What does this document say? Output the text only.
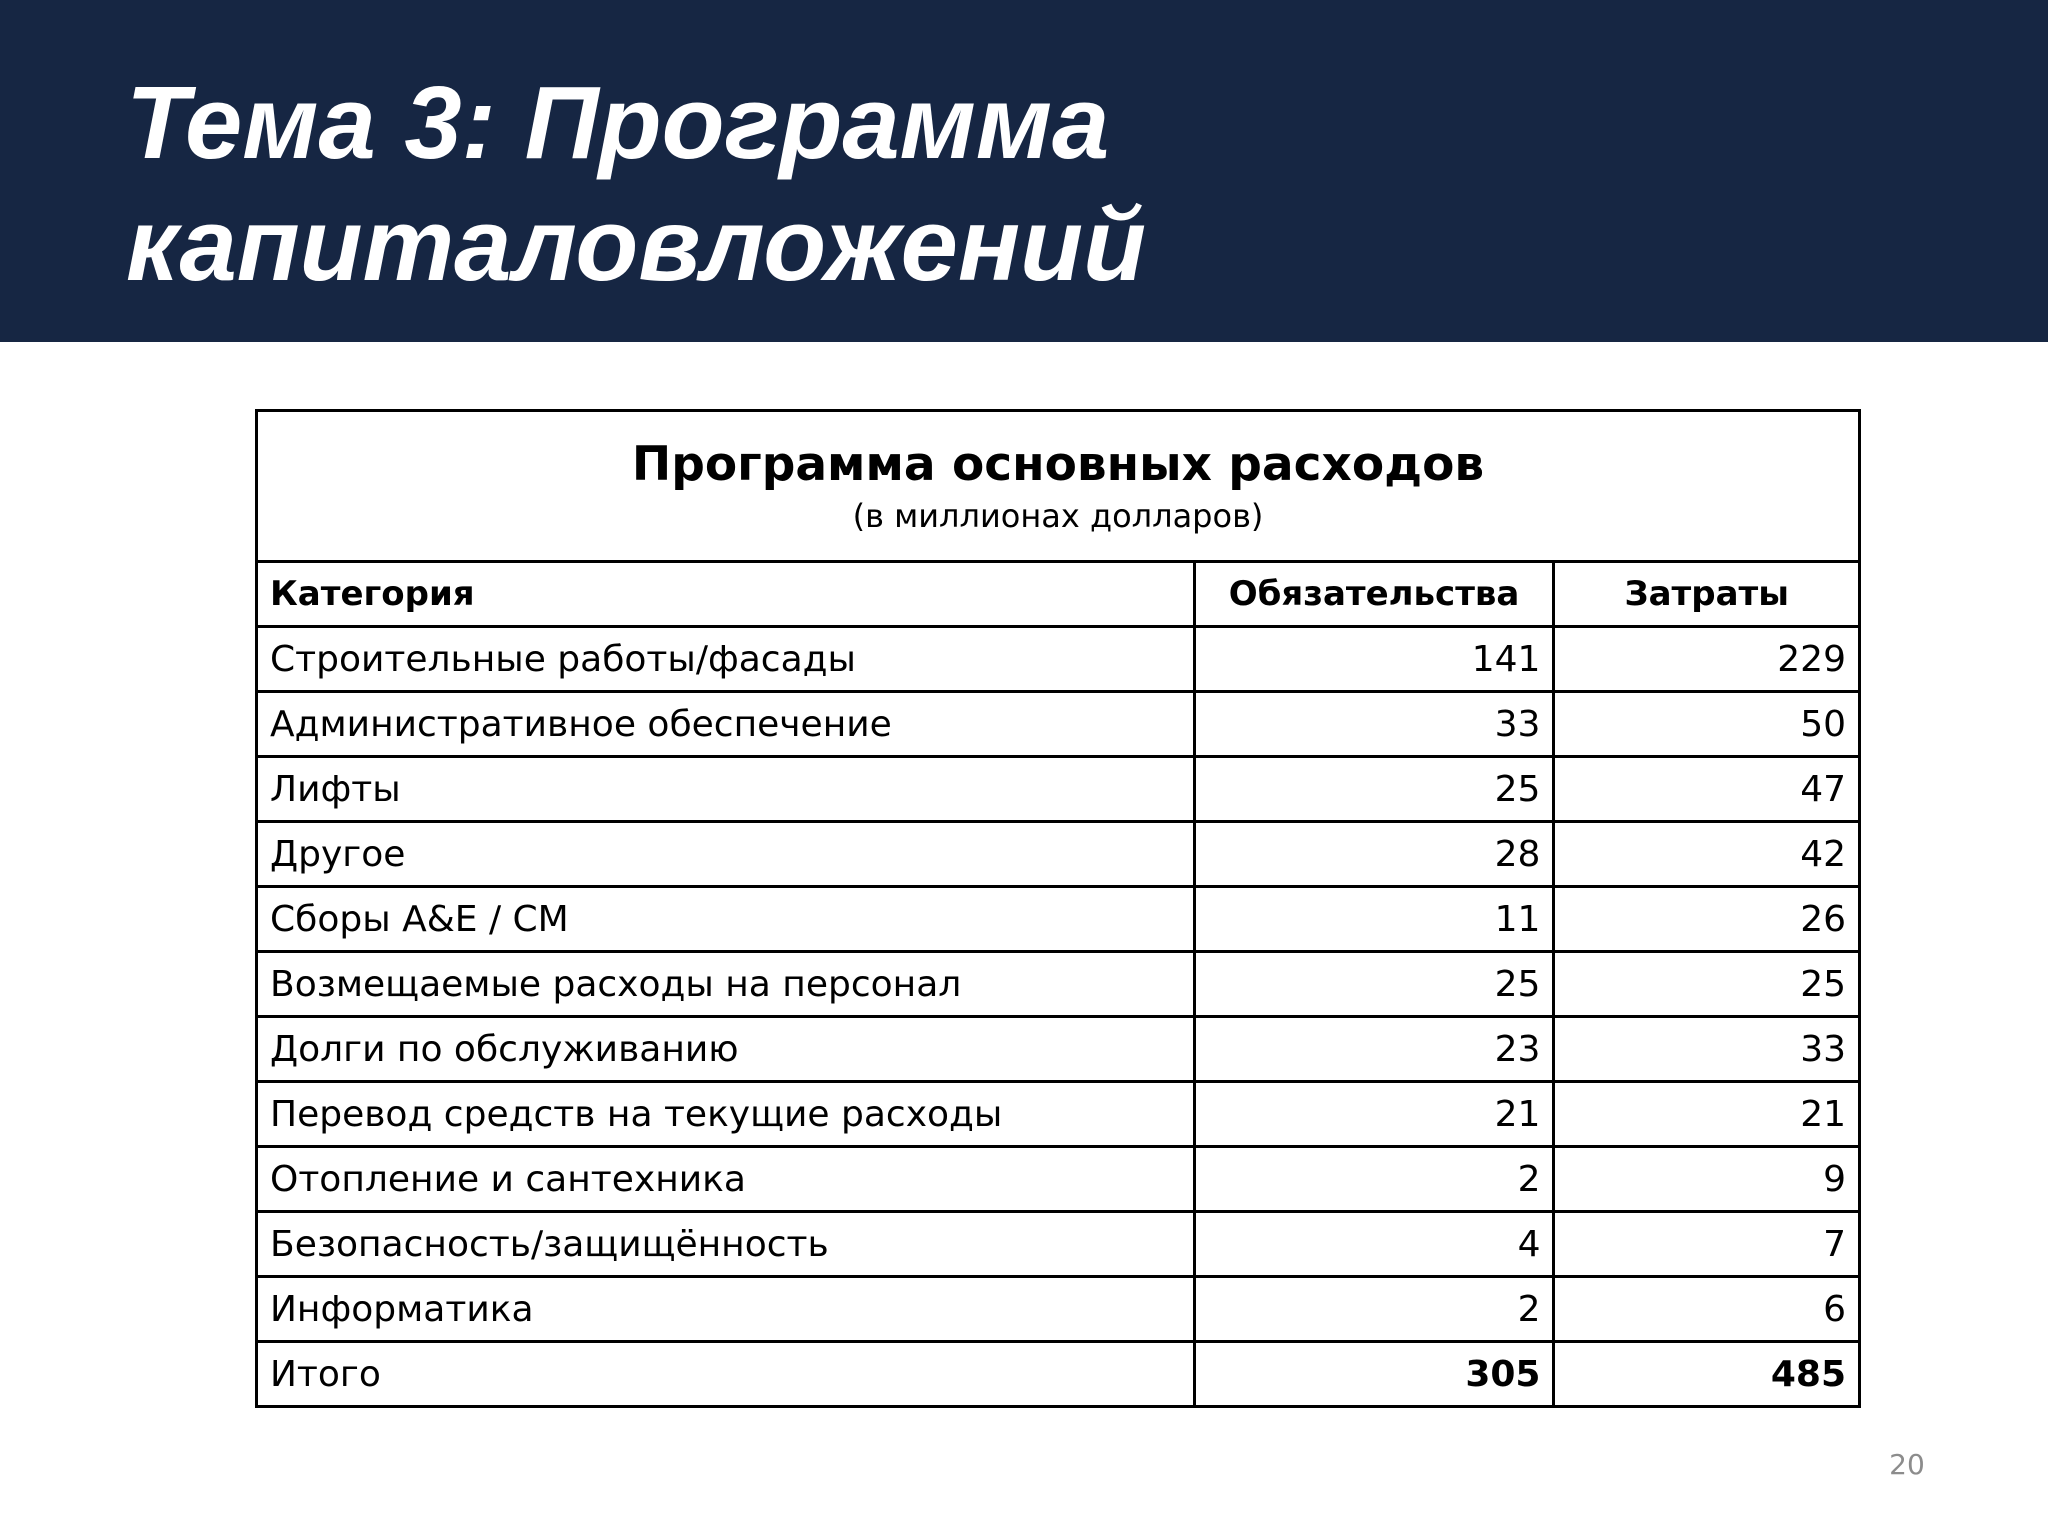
Тема 3: Программа
капиталовложений
Программа основных расходов
(в миллионах долларов)		

Категория	Обязательства	Затраты
Строительные работы/фасады	141	229
Административное обеспечение	33	50
Лифты	25	47
Другое	28	42
Сборы A&E / CM	11	26
Возмещаемые расходы на персонал	25	25
Долги по обслуживанию	23	33
Перевод средств на текущие расходы	21	21
Отопление и сантехника	2	9
Безопасность/защищённость	4	7
Информатика	2	6
Итого	305	485
20
